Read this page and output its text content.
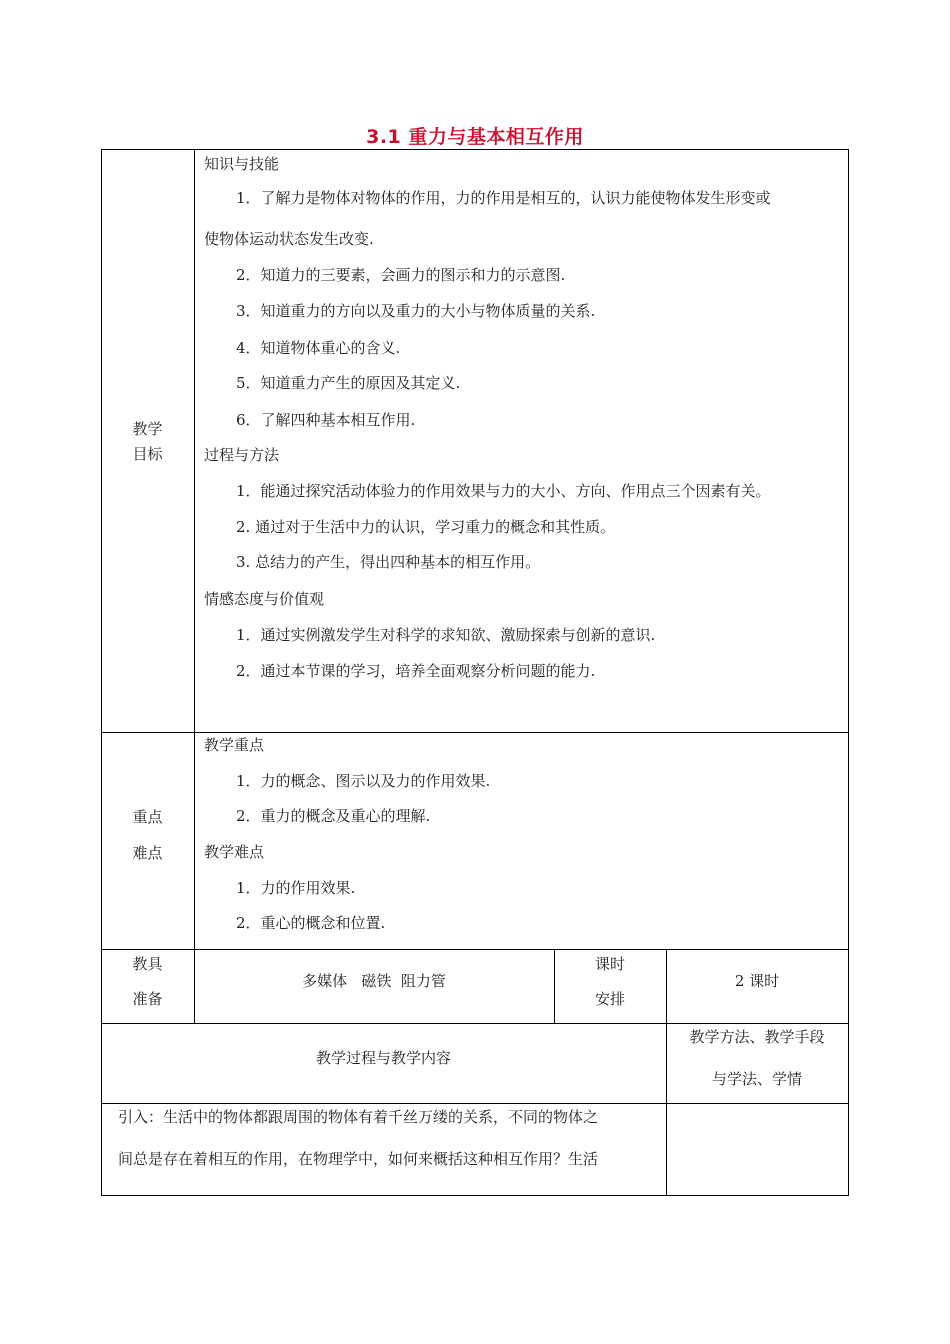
3.1 重力与基本相互作用
教学
目标
知识与技能
1．了解力是物体对物体的作用，力的作用是相互的，认识力能使物体发生形变或
使物体运动状态发生改变.
2．知道力的三要素，会画力的图示和力的示意图.
3．知道重力的方向以及重力的大小与物体质量的关系.
4．知道物体重心的含义.
5．知道重力产生的原因及其定义.
6．了解四种基本相互作用.
过程与方法
1．能通过探究活动体验力的作用效果与力的大小、方向、作用点三个因素有关。
2. 通过对于生活中力的认识，学习重力的概念和其性质。
3. 总结力的产生，得出四种基本的相互作用。
情感态度与价值观
1．通过实例激发学生对科学的求知欲、激励探索与创新的意识.
2．通过本节课的学习，培养全面观察分析问题的能力.
重点
难点
教学重点
1．力的概念、图示以及力的作用效果.
2．重力的概念及重心的理解.
教学难点
1．力的作用效果.
2．重心的概念和位置.
教具
准备
多媒体   磁铁  阻力管
课时
安排
2 课时
教学过程与教学内容
教学方法、教学手段
与学法、学情
引入：生活中的物体都跟周围的物体有着千丝万缕的关系，不同的物体之
间总是存在着相互的作用，在物理学中，如何来概括这种相互作用？生活
